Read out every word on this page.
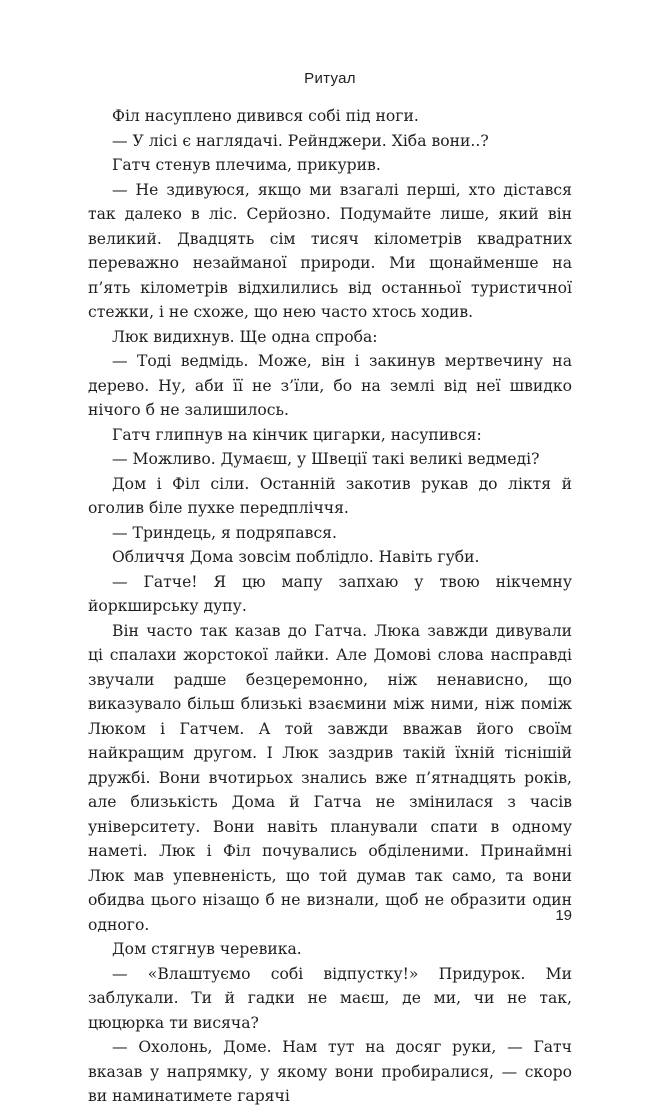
Ритуал

Філ насуплено дивився собі під ноги.

— У лісі є наглядачі. Рейнджери. Хіба вони..?

Гатч стенув плечима, прикурив.

— Не здивуюся, якщо ми взагалі перші, хто дістався так далеко в ліс. Серйозно. Подумайте лише, який він великий. Двадцять сім тисяч кілометрів квадратних переважно незайманої природи. Ми щонайменше на п’ять кілометрів відхилились від останньої туристичної стежки, і не схоже, що нею часто хтось ходив.

Люк видихнув. Ще одна спроба:

— Тоді ведмідь. Може, він і закинув мертвечину на дерево. Ну, аби її не з’їли, бо на землі від неї швидко нічого б не залишилось.

Гатч глипнув на кінчик цигарки, насупився:

— Можливо. Думаєш, у Швеції такі великі ведмеді?

Дом і Філ сіли. Останній закотив рукав до ліктя й оголив біле пухке передпліччя.

— Триндець, я подряпався.

Обличчя Дома зовсім поблідло. Навіть губи.

— Гатче! Я цю мапу запхаю у твою нікчемну йоркширську дупу.

Він часто так казав до Гатча. Люка завжди дивували ці спалахи жорстокої лайки. Але Домові слова насправді звучали радше безцеремонно, ніж ненависно, що виказувало більш близькі взаємини між ними, ніж поміж Люком і Гатчем. А той завжди вважав його своїм найкращим другом. І Люк заздрив такій їхній тіснішій дружбі. Вони вчотирьох знались вже п’ятнадцять років, але близькість Дома й Гатча не змінилася з часів університету. Вони навіть планували спати в одному наметі. Люк і Філ почувались обділеними. Принаймні Люк мав упевненість, що той думав так само, та вони обидва цього нізащо б не визнали, щоб не образити один одного.

Дом стягнув черевика.

— «Влаштуємо собі відпустку!» Придурок. Ми заблукали. Ти й гадки не маєш, де ми, чи не так, цюцюрка ти висяча?

— Охолонь, Доме. Нам тут на досяг руки, — Гатч вказав у напрямку, у якому вони пробиралися, — скоро ви наминатимете гарячі

19
